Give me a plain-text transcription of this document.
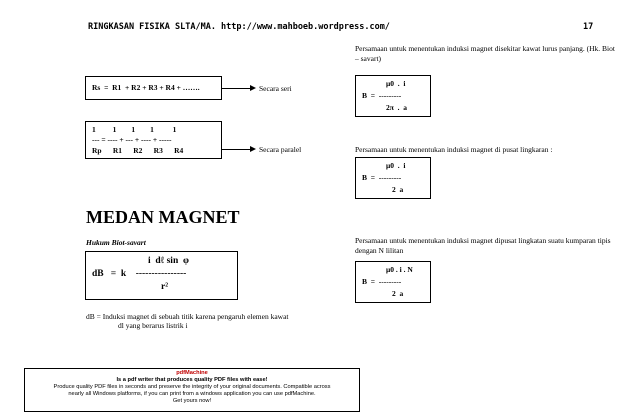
RINGKASAN FISIKA SLTA/MA. http://www.mahboeb.wordpress.com/	17
Rs  =  R1  + R2 + R3 + R4 + …….	Secara seri
1         1        1        1          1
--- = ---- + --- + ---- + -----
Rp      R1      R2      R3      R4	Secara paralel
Persamaan untuk menentukan induksi magnet disekitar kawat lurus panjang. (Hk. Biot – savart)
μ0  .  i
B  =  ---------
2π  .  a
Persamaan untuk menentukan induksi magnet di pusat lingkaran :
μ0  .  i
B  =  ---------
2  a
MEDAN MAGNET
Hukum Biot-savart
i  dℓ sin  φ
dB   =  k    ----------------
r²
dB = Induksi magnet di sebuah titik karena pengaruh elemen kawat
dl yang berarus listrik i
Persamaan untuk menentukan induksi magnet dipusat lingkatan suatu kumparan tipis dengan N lilitan
μ0 . i . N
B  =  ---------
2  a
pdfMachine
Is a pdf writer that produces quality PDF files with ease!
Produce quality PDF files in seconds and preserve the integrity of your original documents. Compatible across
nearly all Windows platforms, if you can print from a windows application you can use pdfMachine.
Get yours now!
